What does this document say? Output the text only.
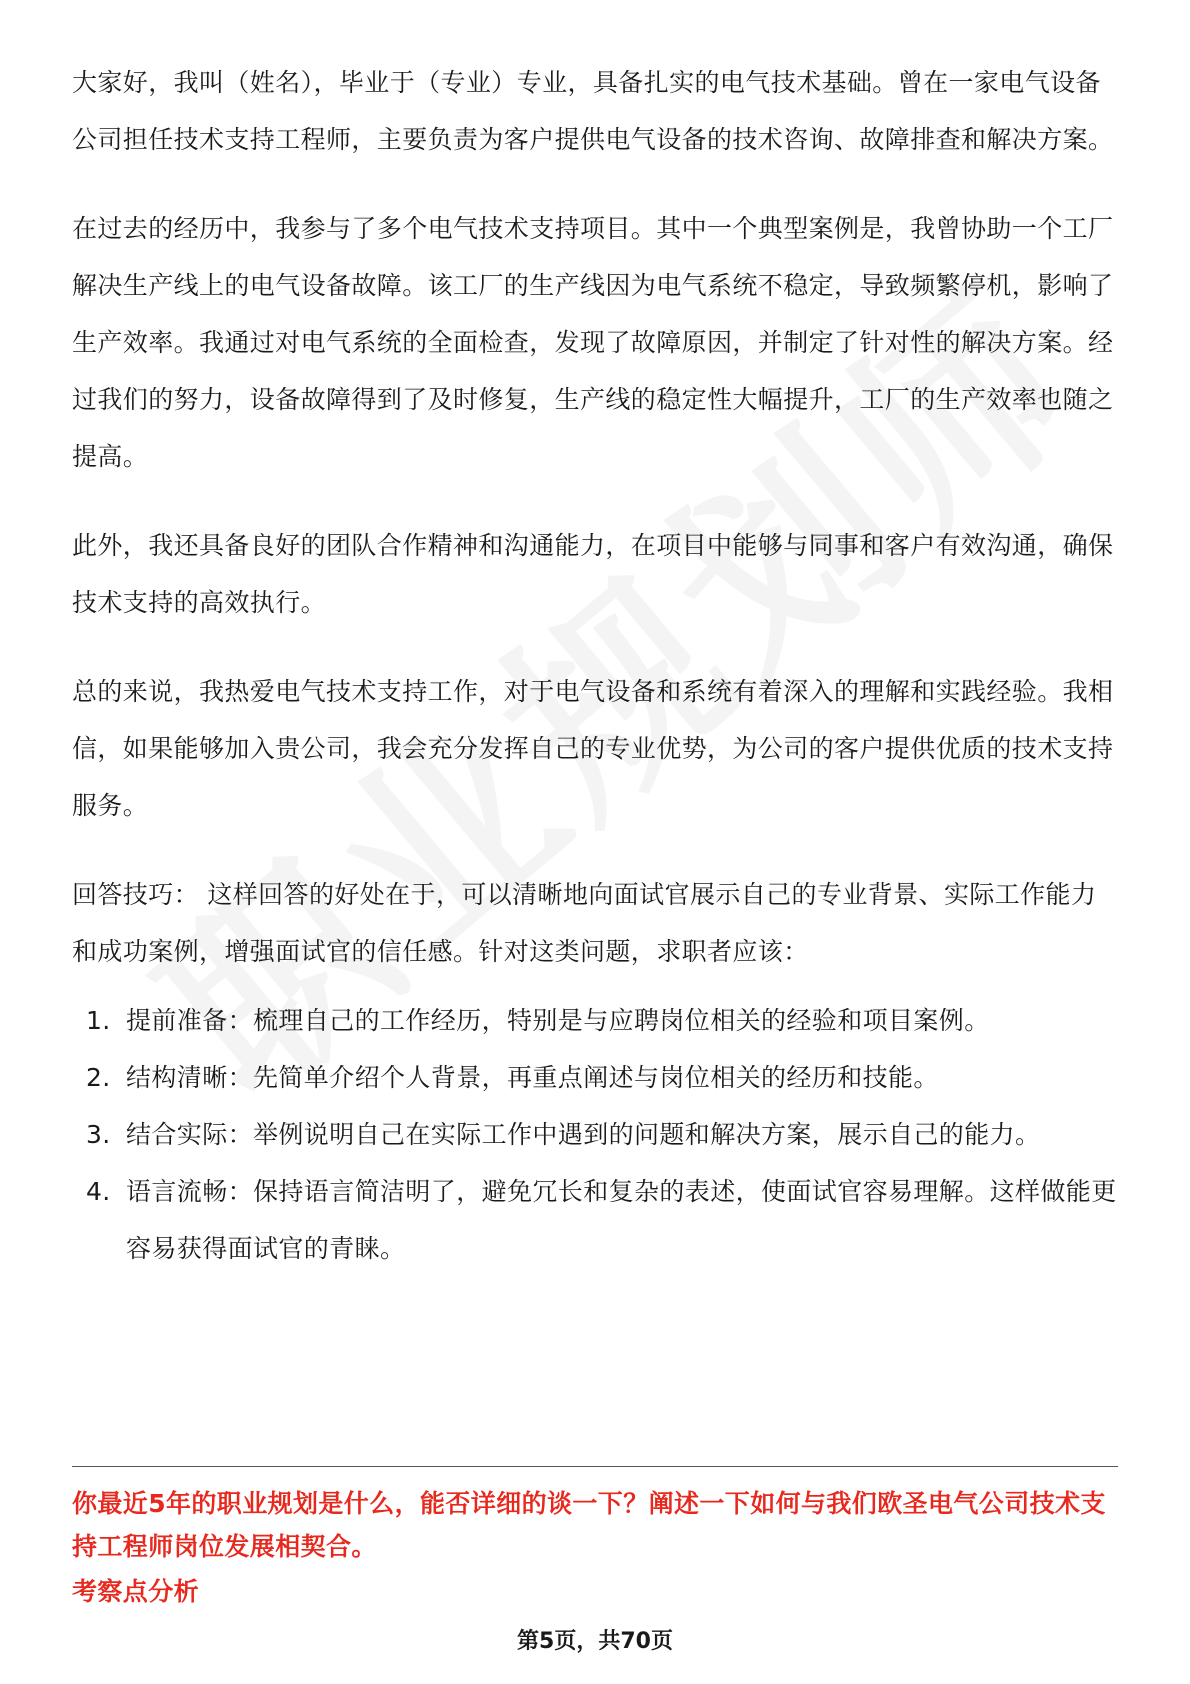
大家好，我叫（姓名），毕业于（专业）专业，具备扎实的电气技术基础。曾在一家电气设备公司担任技术支持工程师，主要负责为客户提供电气设备的技术咨询、故障排查和解决方案。

在过去的经历中，我参与了多个电气技术支持项目。其中一个典型案例是，我曾协助一个工厂解决生产线上的电气设备故障。该工厂的生产线因为电气系统不稳定，导致频繁停机，影响了生产效率。我通过对电气系统的全面检查，发现了故障原因，并制定了针对性的解决方案。经过我们的努力，设备故障得到了及时修复，生产线的稳定性大幅提升，工厂的生产效率也随之提高。

此外，我还具备良好的团队合作精神和沟通能力，在项目中能够与同事和客户有效沟通，确保技术支持的高效执行。

总的来说，我热爱电气技术支持工作，对于电气设备和系统有着深入的理解和实践经验。我相信，如果能够加入贵公司，我会充分发挥自己的专业优势，为公司的客户提供优质的技术支持服务。

回答技巧： 这样回答的好处在于，可以清晰地向面试官展示自己的专业背景、实际工作能力和成功案例，增强面试官的信任感。针对这类问题，求职者应该：

1. 提前准备：梳理自己的工作经历，特别是与应聘岗位相关的经验和项目案例。
2. 结构清晰：先简单介绍个人背景，再重点阐述与岗位相关的经历和技能。
3. 结合实际：举例说明自己在实际工作中遇到的问题和解决方案，展示自己的能力。
4. 语言流畅：保持语言简洁明了，避免冗长和复杂的表述，使面试官容易理解。这样做能更容易获得面试官的青睐。
你最近5年的职业规划是什么，能否详细的谈一下？阐述一下如何与我们欧圣电气公司技术支持工程师岗位发展相契合。
考察点分析
第5页，共70页
